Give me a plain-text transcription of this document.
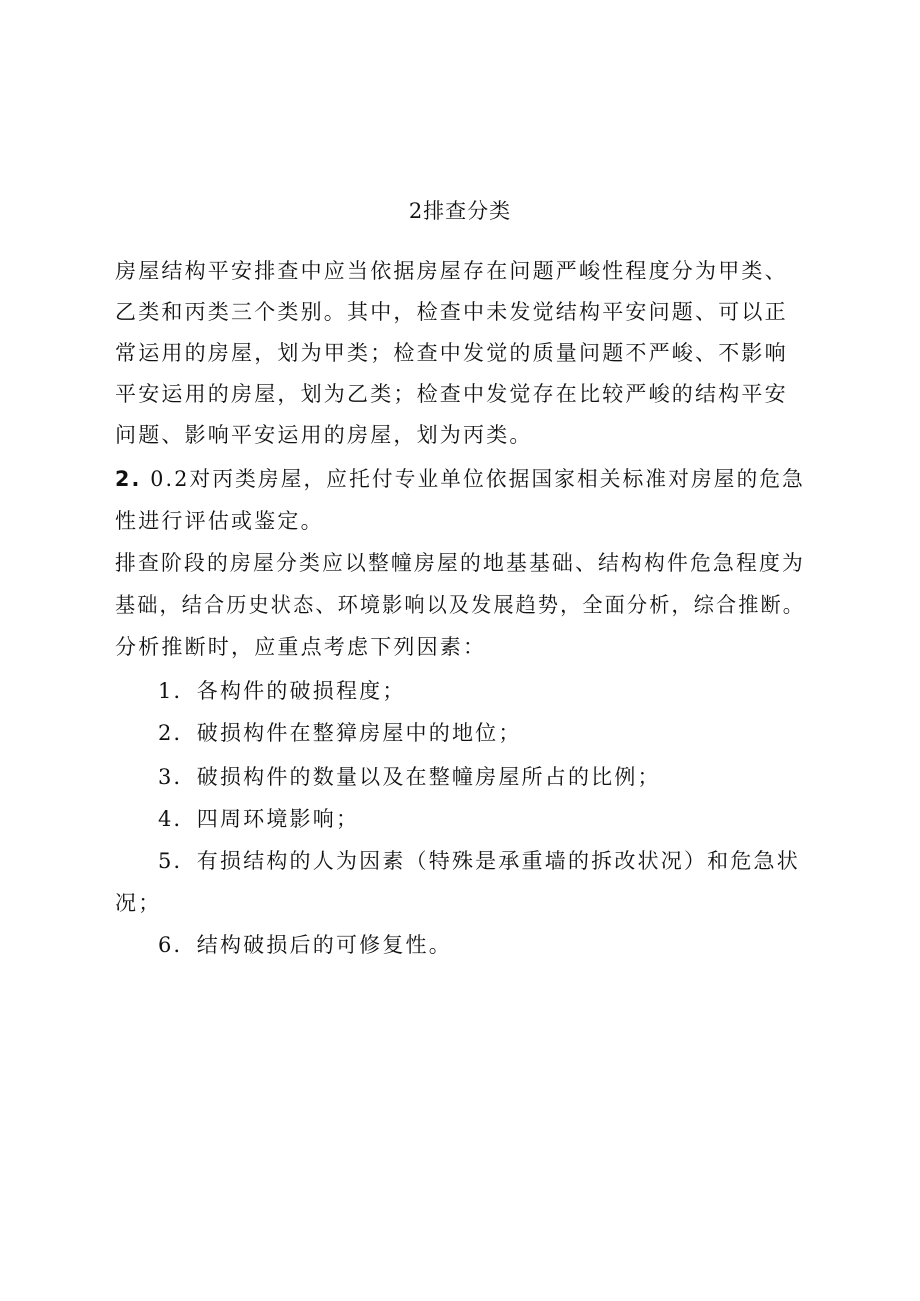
2排查分类
房屋结构平安排查中应当依据房屋存在问题严峻性程度分为甲类、
乙类和丙类三个类别。其中，检查中未发觉结构平安问题、可以正
常运用的房屋，划为甲类；检查中发觉的质量问题不严峻、不影响
平安运用的房屋，划为乙类；检查中发觉存在比较严峻的结构平安
问题、影响平安运用的房屋，划为丙类。
2. 0.2对丙类房屋，应托付专业单位依据国家相关标准对房屋的危急
性进行评估或鉴定。
排查阶段的房屋分类应以整幢房屋的地基基础、结构构件危急程度为
基础，结合历史状态、环境影响以及发展趋势，全面分析，综合推断。
分析推断时，应重点考虑下列因素：
1．各构件的破损程度；
2．破损构件在整獐房屋中的地位；
3．破损构件的数量以及在整幢房屋所占的比例；
4．四周环境影响；
5．有损结构的人为因素（特殊是承重墙的拆改状况）和危急状
况；
6．结构破损后的可修复性。
